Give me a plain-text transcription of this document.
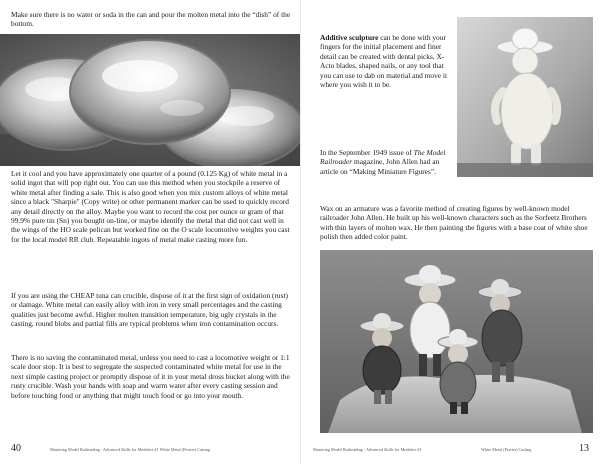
Make sure there is no water or soda in the can and pour the molten metal into the “dish” of the bottom.

Let it cool and you have approximately one quarter of a pound (0.125 Kg) of white metal in a solid ingot that will pop right out. You can use this method when you stockpile a reserve of white metal after finding a sale. This is also good when you mix custom alloys of white metal since a black "Sharpie" (Copy write) or other permanent marker can be used to quickly record any detail directly on the alloy. Maybe you want to record the cost per ounce or gram of that 99.9% pure tin (Sn) you bought on-line, or maybe identify the metal that did not cast well in the wings of the HO scale pelican but worked fine on the O scale locomotive weights you cast for the local model RR club. Repeatable ingots of metal make casting more fun.

If you are using the CHEAP tuna can crucible, dispose of it at the first sign of oxidation (rust) or damage. White metal can easily alloy with iron in very small percentages and the casting qualities just become awful. Higher molten transition temperature, big ugly crystals in the casting, round blobs and partial fills are typical problems when iron contamination occurs.

There is no saving the contaminated metal, unless you need to cast a locomotive weight or 1:1 scale door stop. It is best to segregate the suspected contaminated white metal for use in the next simple casting project or promptly dispose of it in your metal dross bucket along with the rusty crucible. Wash your hands with soap and warm water after every casting session and before touching food or anything that might touch food or go into your mouth.

40	Mastering Model Railroading - Advanced Skills for Modelers #1 White Metal (Pewter) Casting

Additive sculpture can be done with your fingers for the initial placement and finer detail can be created with dental picks, X-Acto blades, shaped nails, or any tool that you can use to dab on material and move it where you wish it to be.

In the September 1949 issue of The Model Railroader magazine, John Allen had an article on “Making Miniature Figures”.

Wax on an armature was a favorite method of creating figures by well-known model railroader John Allen. He built up his well-known characters such as the Sorfeetz Brothers with thin layers of molten wax. He then painting the figures with a base coat of white shoe polish then added color paint.

Mastering Model Railroading - Advanced Skills for Modelers #1	White Metal (Pewter) Casting	13
